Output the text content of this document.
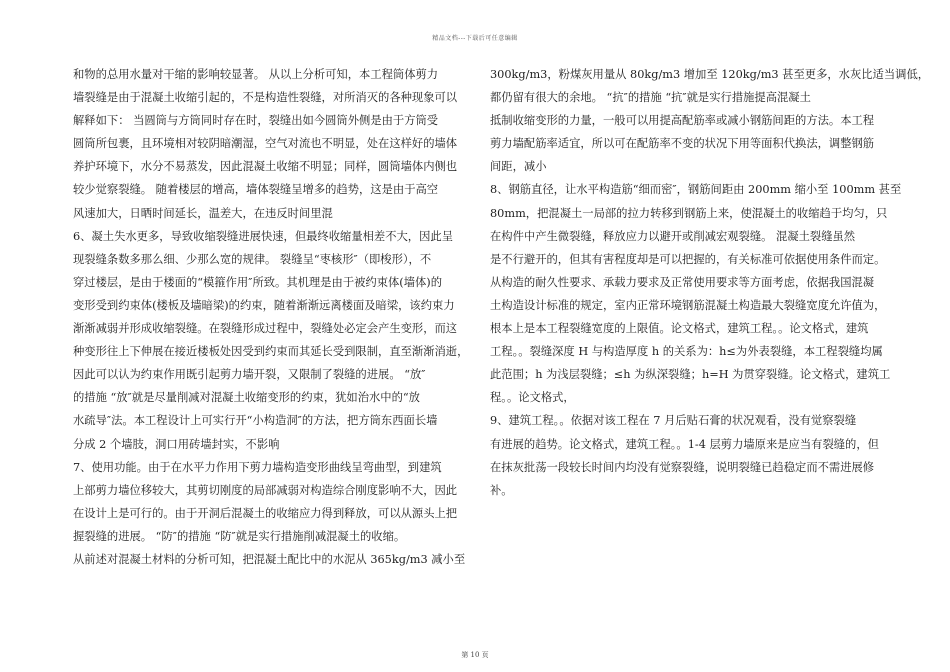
精品文档---下载后可任意编辑
和物的总用水量对干缩的影响较显著。 从以上分析可知，本工程筒体剪力
墙裂缝是由于混凝土收缩引起的，不是构造性裂缝，对所消灭的各种现象可以
解释如下： 当圆筒与方筒同时存在时，裂缝出如今圆筒外侧是由于方筒受
圆筒所包裹，且环境相对较阴暗潮湿，空气对流也不明显，处在这样好的墙体
养护环境下，水分不易蒸发，因此混凝土收缩不明显；同样，圆筒墙体内侧也
较少觉察裂缝。 随着楼层的增高，墙体裂缝呈增多的趋势，这是由于高空
风速加大，日晒时间延长，温差大，在违反时间里混
6、凝土失水更多，导致收缩裂缝进展快速，但最终收缩量相差不大，因此呈
现裂缝条数多那么细、少那么宽的规律。 裂缝呈“枣核形″（即梭形），不
穿过楼层，是由于楼面的“模箍作用″所致。其机理是由于被约束体(墙体)的
变形受到约束体(楼板及墙暗梁)的约束，随着渐渐远离楼面及暗梁，该约束力
渐渐减弱并形成收缩裂缝。在裂缝形成过程中，裂缝处必定会产生变形，而这
种变形往上下伸展在接近楼板处因受到约束而其延长受到限制，直至渐渐消逝，
因此可以认为约束作用既引起剪力墙开裂，又限制了裂缝的进展。 “放″
的措施 “放″就是尽量削减对混凝土收缩变形的约束，犹如治水中的“放
水疏导″法。本工程设计上可实行开“小构造洞″的方法，把方筒东西面长墙
分成 2 个墙肢，洞口用砖墙封实，不影响
7、使用功能。由于在水平力作用下剪力墙构造变形曲线呈弯曲型，到建筑
上部剪力墙位移较大，其剪切刚度的局部减弱对构造综合刚度影响不大，因此
在设计上是可行的。由于开洞后混凝土的收缩应力得到释放，可以从源头上把
握裂缝的进展。 “防″的措施 “防″就是实行措施削减混凝土的收缩。
从前述对混凝土材料的分析可知，把混凝土配比中的水泥从 365kg/m3 减小至
300kg/m3，粉煤灰用量从 80kg/m3 增加至 120kg/m3 甚至更多，水灰比适当调低，
都仍留有很大的余地。 “抗″的措施 “抗″就是实行措施提高混凝土
抵制收缩变形的力量，一般可以用提高配筋率或减小钢筋间距的方法。本工程
剪力墙配筋率适宜，所以可在配筋率不变的状况下用等面积代换法，调整钢筋
间距，减小
8、钢筋直径，让水平构造筋“细而密″，钢筋间距由 200mm 缩小至 100mm 甚至
80mm，把混凝土一局部的拉力转移到钢筋上来，使混凝土的收缩趋于均匀，只
在构件中产生微裂缝，释放应力以避开或削减宏观裂缝。 混凝土裂缝虽然
是不行避开的，但其有害程度却是可以把握的，有关标准可依据使用条件而定。
从构造的耐久性要求、承载力要求及正常使用要求等方面考虑，依据我国混凝
土构造设计标准的规定，室内正常环境钢筋混凝土构造最大裂缝宽度允许值为，
根本上是本工程裂缝宽度的上限值。论文格式，建筑工程。。论文格式，建筑
工程。。裂缝深度 H 与构造厚度 h 的关系为：h≤为外表裂缝，本工程裂缝均属
此范围；h 为浅层裂缝；≤h 为纵深裂缝；h=H 为贯穿裂缝。论文格式，建筑工
程。。论文格式，
9、建筑工程。。依据对该工程在 7 月后贴石膏的状况观看，没有觉察裂缝
有进展的趋势。论文格式，建筑工程。。1-4 层剪力墙原来是应当有裂缝的，但
在抹灰批荡一段较长时间内均没有觉察裂缝，说明裂缝已趋稳定而不需进展修
补。
第 10 页
